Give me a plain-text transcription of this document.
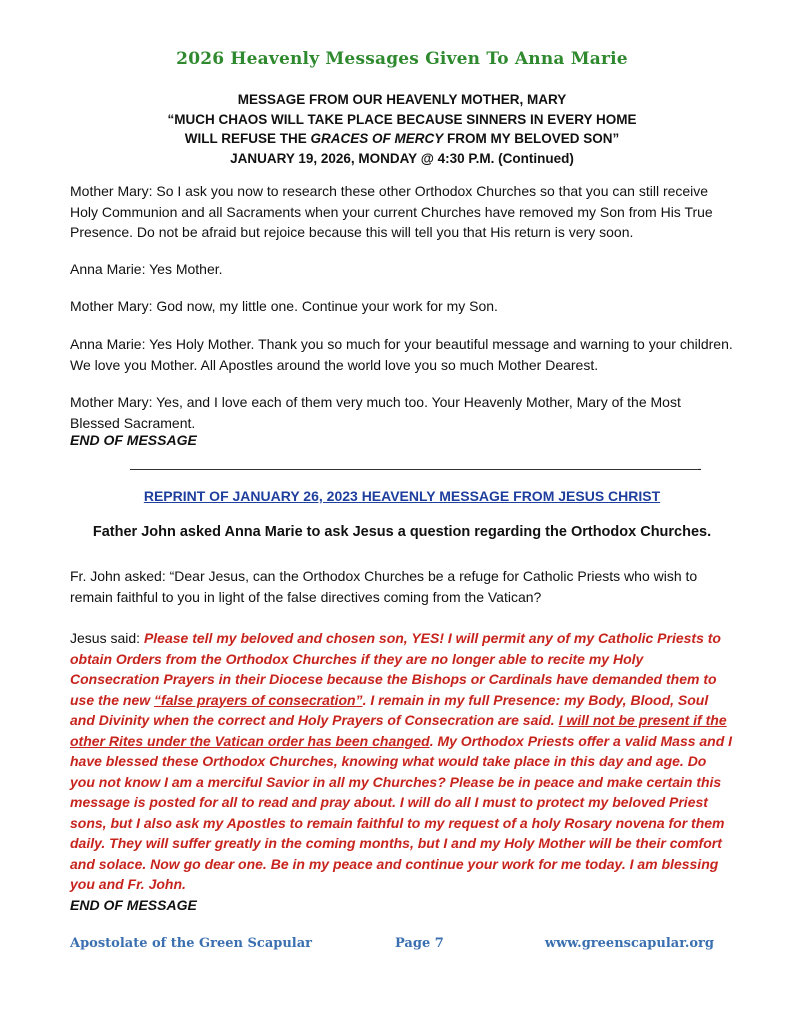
2026 Heavenly Messages Given To Anna Marie
MESSAGE FROM OUR HEAVENLY MOTHER, MARY
“MUCH CHAOS WILL TAKE PLACE BECAUSE SINNERS IN EVERY HOME
WILL REFUSE THE GRACES OF MERCY FROM MY BELOVED SON”
JANUARY 19, 2026, MONDAY @ 4:30 P.M. (Continued)
Mother Mary: So I ask you now to research these other Orthodox Churches so that you can still receive Holy Communion and all Sacraments when your current Churches have removed my Son from His True Presence. Do not be afraid but rejoice because this will tell you that His return is very soon.
Anna Marie: Yes Mother.
Mother Mary: God now, my little one. Continue your work for my Son.
Anna Marie: Yes Holy Mother. Thank you so much for your beautiful message and warning to your children. We love you Mother. All Apostles around the world love you so much Mother Dearest.
Mother Mary: Yes, and I love each of them very much too. Your Heavenly Mother, Mary of the Most Blessed Sacrament.
END OF MESSAGE
——————————————————————————————————————————-
REPRINT OF JANUARY 26, 2023 HEAVENLY MESSAGE FROM JESUS CHRIST
Father John asked Anna Marie to ask Jesus a question regarding the Orthodox Churches.
Fr. John asked: “Dear Jesus, can the Orthodox Churches be a refuge for Catholic Priests who wish to remain faithful to you in light of the false directives coming from the Vatican?
Jesus said: Please tell my beloved and chosen son, YES! I will permit any of my Catholic Priests to obtain Orders from the Orthodox Churches if they are no longer able to recite my Holy Consecration Prayers in their Diocese because the Bishops or Cardinals have demanded them to use the new “false prayers of consecration”. I remain in my full Presence: my Body, Blood, Soul and Divinity when the correct and Holy Prayers of Consecration are said. I will not be present if the other Rites under the Vatican order has been changed. My Orthodox Priests offer a valid Mass and I have blessed these Orthodox Churches, knowing what would take place in this day and age. Do you not know I am a merciful Savior in all my Churches? Please be in peace and make certain this message is posted for all to read and pray about. I will do all I must to protect my beloved Priest sons, but I also ask my Apostles to remain faithful to my request of a holy Rosary novena for them daily. They will suffer greatly in the coming months, but I and my Holy Mother will be their comfort and solace. Now go dear one. Be in my peace and continue your work for me today. I am blessing you and Fr. John.
END OF MESSAGE
Apostolate of the Green Scapular	Page 7	www.greenscapular.org
